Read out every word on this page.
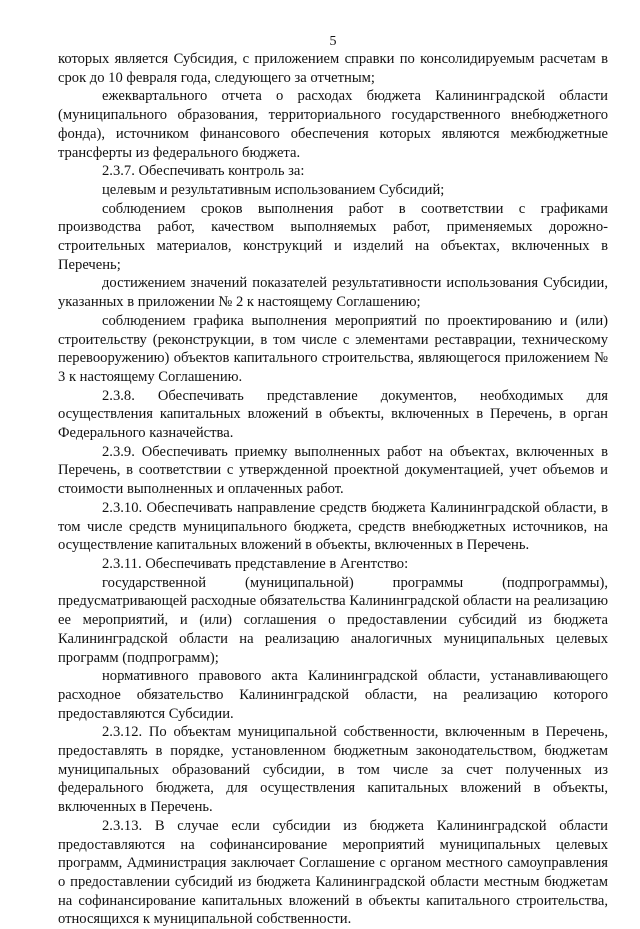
5

которых является Субсидия, с приложением справки по консолидируемым расчетам в срок до 10 февраля года, следующего за отчетным;

ежеквартального отчета о расходах бюджета Калининградской области (муниципального образования, территориального государственного внебюджетного фонда), источником финансового обеспечения которых являются межбюджетные трансферты из федерального бюджета.

2.3.7. Обеспечивать контроль за:

целевым и результативным использованием Субсидий;

соблюдением сроков выполнения работ в соответствии с графиками производства работ, качеством выполняемых работ, применяемых дорожно-строительных материалов, конструкций и изделий на объектах, включенных в Перечень;

достижением значений показателей результативности использования Субсидии, указанных в приложении № 2 к настоящему Соглашению;

соблюдением графика выполнения мероприятий по проектированию и (или) строительству (реконструкции, в том числе с элементами реставрации, техническому перевооружению) объектов капитального строительства, являющегося приложением № 3 к настоящему Соглашению.

2.3.8. Обеспечивать представление документов, необходимых для осуществления капитальных вложений в объекты, включенных в Перечень, в орган Федерального казначейства.

2.3.9. Обеспечивать приемку выполненных работ на объектах, включенных в Перечень, в соответствии с утвержденной проектной документацией, учет объемов и стоимости выполненных и оплаченных работ.

2.3.10. Обеспечивать направление средств бюджета Калининградской области, в том числе средств муниципального бюджета, средств внебюджетных источников, на осуществление капитальных вложений в объекты, включенных в Перечень.

2.3.11. Обеспечивать представление в Агентство:

государственной (муниципальной) программы (подпрограммы), предусматривающей расходные обязательства Калининградской области на реализацию ее мероприятий, и (или) соглашения о предоставлении субсидий из бюджета Калининградской области на реализацию аналогичных муниципальных целевых программ (подпрограмм);

нормативного правового акта Калининградской области, устанавливающего расходное обязательство Калининградской области, на реализацию которого предоставляются Субсидии.

2.3.12. По объектам муниципальной собственности, включенным в Перечень, предоставлять в порядке, установленном бюджетным законодательством, бюджетам муниципальных образований субсидии, в том числе за счет полученных из федерального бюджета, для осуществления капитальных вложений в объекты, включенных в Перечень.

2.3.13. В случае если субсидии из бюджета Калининградской области предоставляются на софинансирование мероприятий муниципальных целевых программ, Администрация заключает Соглашение с органом местного самоуправления о предоставлении субсидий из бюджета Калининградской области местным бюджетам на софинансирование капитальных вложений в объекты капитального строительства, относящихся к муниципальной собственности.
